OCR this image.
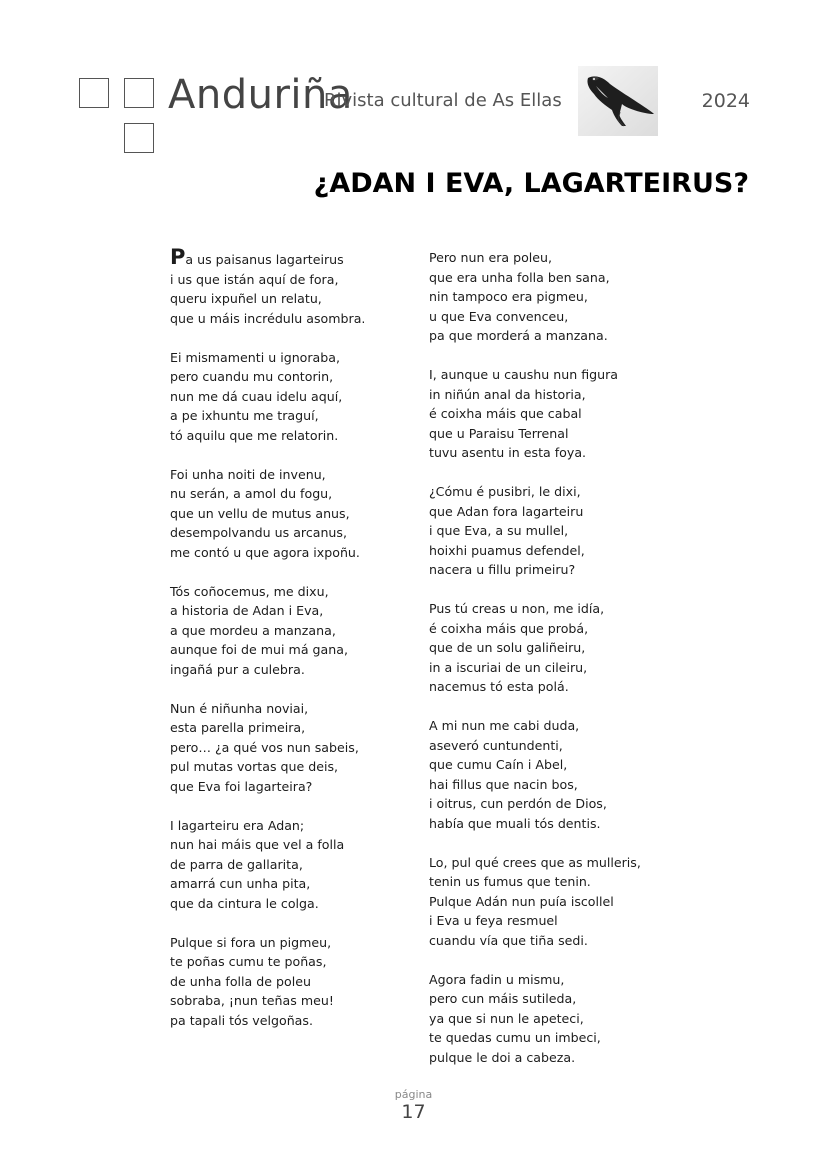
Anduriña
Rivista cultural de As Ellas	2024
¿ADAN I EVA, LAGARTEIRUS?
Pa us paisanus lagarteirus
i us que istán aquí de fora,
queru ixpuñel un relatu,
que u máis incrédulu asombra.
Ei mismamenti u ignoraba,
pero cuandu mu contorin,
nun me dá cuau idelu aquí,
a pe ixhuntu me traguí,
tó aquilu que me relatorin.
Foi unha noiti de invenu,
nu serán, a amol du fogu,
que un vellu de mutus anus,
desempolvandu us arcanus,
me contó u que agora ixpoñu.
Tós coñocemus, me dixu,
a historia de Adan i Eva,
a que mordeu a manzana,
aunque foi de mui má gana,
ingañá pur a culebra.
Nun é niñunha noviai,
esta parella primeira,
pero… ¿a qué vos nun sabeis,
pul mutas vortas que deis,
que Eva foi lagarteira?
I lagarteiru era Adan;
nun hai máis que vel a folla
de parra de gallarita,
amarrá cun unha pita,
que da cintura le colga.
Pulque si fora un pigmeu,
te poñas cumu te poñas,
de unha folla de poleu
sobraba, ¡nun teñas meu!
pa tapali tós velgoñas.
Pero nun era poleu,
que era unha folla ben sana,
nin tampoco era pigmeu,
u que Eva convenceu,
pa que morderá a manzana.
I, aunque u caushu nun figura
in niñún anal da historia,
é coixha máis que cabal
que u Paraisu Terrenal
tuvu asentu in esta foya.
¿Cómu é pusibri, le dixi,
que Adan fora lagarteiru
i que Eva, a su mullel,
hoixhi puamus defendel,
nacera u fillu primeiru?
Pus tú creas u non, me idía,
é coixha máis que probá,
que de un solu galiñeiru,
in a iscuriai de un cileiru,
nacemus tó esta polá.
A mi nun me cabi duda,
aseveró cuntundenti,
que cumu Caín i Abel,
hai fillus que nacin bos,
i oitrus, cun perdón de Dios,
había que muali tós dentis.
Lo, pul qué crees que as mulleris,
tenin us fumus que tenin.
Pulque Adán nun puía iscollel
i Eva u feya resmuel
cuandu vía que tiña sedi.
Agora fadin u mismu,
pero cun máis sutileda,
ya que si nun le apeteci,
te quedas cumu un imbeci,
pulque le doi a cabeza.
página
17
